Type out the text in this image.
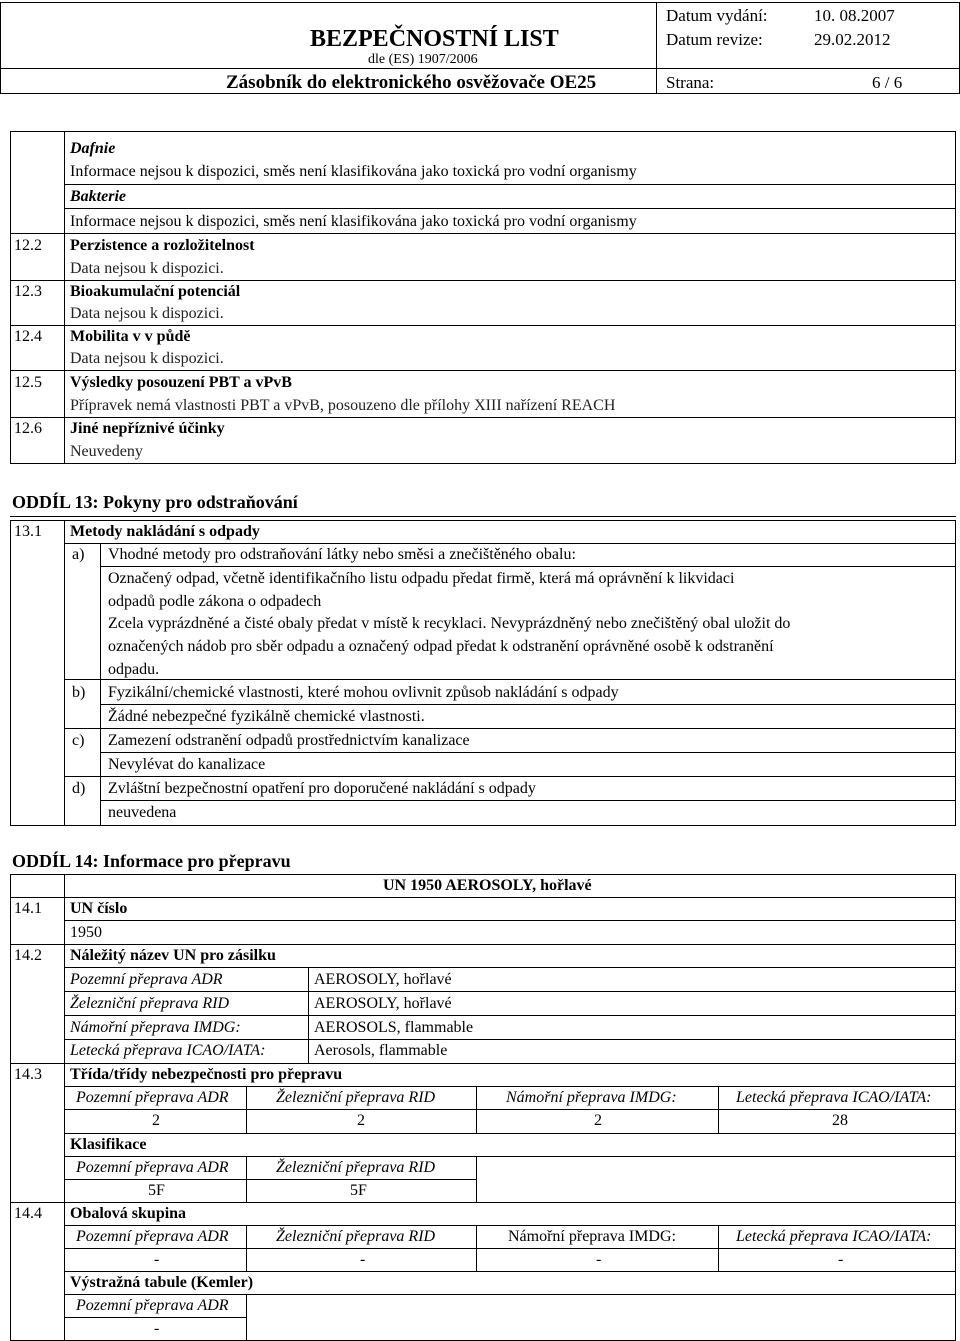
BEZPEČNOSTNÍ LIST
dle (ES) 1907/2006
Zásobník do elektronického osvěžovače OE25
Datum vydání:	10. 08.2007
Datum revize:	29.02.2012
Strana:	6 / 6
Dafnie
Informace nejsou k dispozici, směs není klasifikována jako toxická pro vodní organismy
Bakterie
Informace nejsou k dispozici, směs není klasifikována jako toxická pro vodní organismy
12.2 Perzistence a rozložitelnost
Data nejsou k dispozici.
12.3 Bioakumulační potenciál
Data nejsou k dispozici.
12.4 Mobilita v v půdě
Data nejsou k dispozici.
12.5 Výsledky posouzení PBT a vPvB
Přípravek nemá vlastnosti PBT a vPvB, posouzeno dle přílohy XIII nařízení REACH
12.6 Jiné nepříznivé účinky
Neuvedeny
ODDÍL 13: Pokyny pro odstraňování
13.1 Metody nakládání s odpady
a) Vhodné metody pro odstraňování látky nebo směsi a znečištěného obalu:
Označený odpad, včetně identifikačního listu odpadu předat firmě, která má oprávnění k likvidaci
odpadů podle zákona o odpadech
Zcela vyprázdněné a čisté obaly předat v místě k recyklaci. Nevyprázdněný nebo znečištěný obal uložit do
označených nádob pro sběr odpadu a označený odpad předat k odstranění oprávněné osobě k odstranění
odpadu.
b) Fyzikální/chemické vlastnosti, které mohou ovlivnit způsob nakládání s odpady
Žádné nebezpečné fyzikálně chemické vlastnosti.
c) Zamezení odstranění odpadů prostřednictvím kanalizace
Nevylévat do kanalizace
d) Zvláštní bezpečnostní opatření pro doporučené nakládání s odpady
neuvedena
ODDÍL 14: Informace pro přepravu
UN 1950 AEROSOLY, hořlavé
14.1 UN číslo
1950
14.2 Náležitý název UN pro zásilku
Pozemní přeprava ADR	AEROSOLY, hořlavé
Železniční přeprava RID	AEROSOLY, hořlavé
Námořní přeprava IMDG:	AEROSOLS, flammable
Letecká přeprava ICAO/IATA:	Aerosols, flammable
14.3 Třída/třídy nebezpečnosti pro přepravu
Pozemní přeprava ADR	Železniční přeprava RID	Námořní přeprava IMDG:	Letecká přeprava ICAO/IATA:
2	2	2	28
Klasifikace
Pozemní přeprava ADR	Železniční přeprava RID
5F	5F
14.4 Obalová skupina
Pozemní přeprava ADR	Železniční přeprava RID	Námořní přeprava IMDG:	Letecká přeprava ICAO/IATA:
-	-	-	-
Výstražná tabule (Kemler)
Pozemní přeprava ADR
-
